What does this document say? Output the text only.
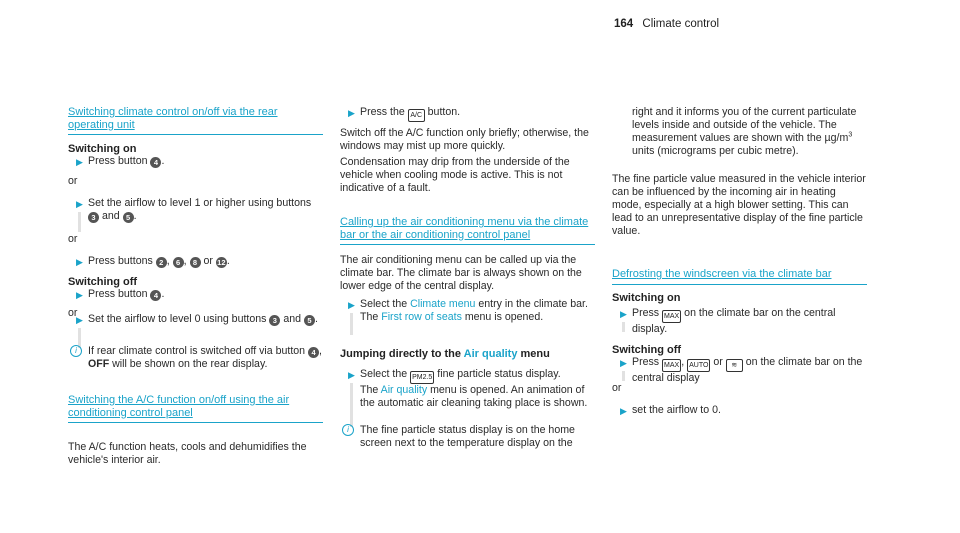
164 Climate control
Switching climate control on/off via the rear operating unit
Switching on
▶ Press button 4 .
or
▶ Set the airflow to level 1 or higher using buttons 3 and 5 .
or
▶ Press buttons 2 , 6 , 8 or 12.
Switching off
▶ Press button 4 .
or
▶ Set the airflow to level 0 using buttons 3 and 5 .
i	If rear climate control is switched off via button 4 , OFF will be shown on the rear display.
Switching the A/C function on/off using the air conditioning control panel
The A/C function heats, cools and dehumidifies the vehicle's interior air.
▶ Press the A/C button.
Switch off the A/C function only briefly; otherwise, the windows may mist up more quickly.
Condensation may drip from the underside of the vehicle when cooling mode is active. This is not indicative of a fault.
Calling up the air conditioning menu via the climate bar or the air conditioning control panel
The air conditioning menu can be called up via the climate bar. The climate bar is always shown on the lower edge of the central display.
▶ Select the Climate menu entry in the climate bar.
The First row of seats menu is opened.
Jumping directly to the Air quality menu
▶ Select the PM2.5 fine particle status display.
The Air quality menu is opened. An animation of the automatic air cleaning taking place is shown.
i	The fine particle status display is on the home screen next to the temperature display on the
right and it informs you of the current particulate levels inside and outside of the vehicle. The measurement values are shown with the $\mu g/m^3$ units (micrograms per cubic metre).
The fine particle value measured in the vehicle interior can be influenced by the incoming air in heating mode, especially at a high blower setting. This can lead to an unrepresentative display of the fine particle value.
Defrosting the windscreen via the climate bar
Switching on
▶ Press MAX on the climate bar on the central display.
Switching off
▶ Press MAX , AUTO or ≋ on the climate bar on the central display
or
▶ set the airflow to 0.
